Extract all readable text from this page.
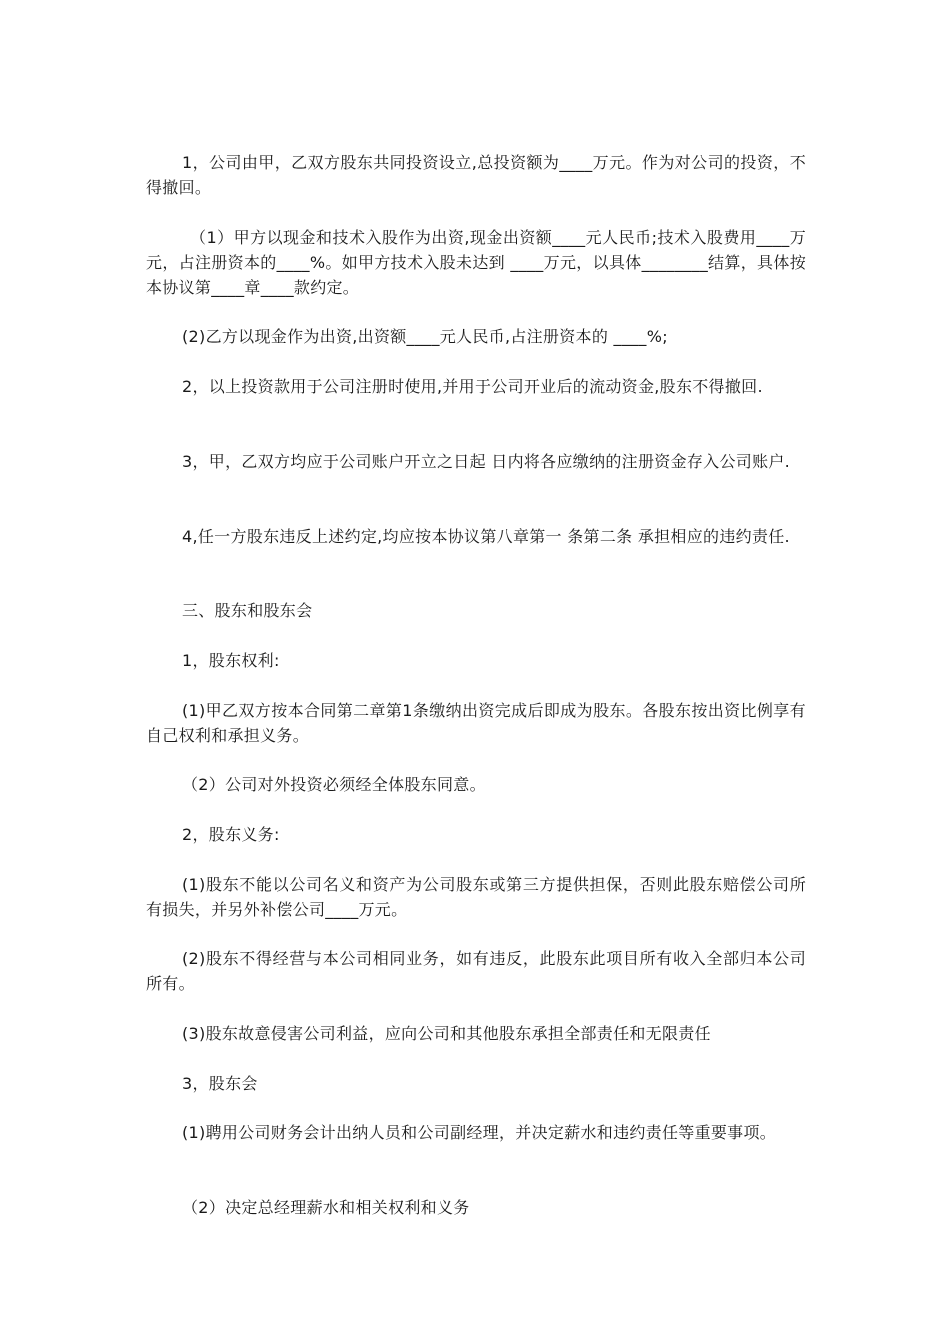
1，公司由甲，乙双方股东共同投资设立,总投资额为____万元。作为对公司的投资，不得撤回。
（1）甲方以现金和技术入股作为出资,现金出资额____元人民币;技术入股费用____万元，占注册资本的____%。如甲方技术入股未达到 ____万元，以具体________结算，具体按本协议第____章____款约定。
(2)乙方以现金作为出资,出资额____元人民币,占注册资本的 ____%;
2，以上投资款用于公司注册时使用,并用于公司开业后的流动资金,股东不得撤回.
3，甲，乙双方均应于公司账户开立之日起 日内将各应缴纳的注册资金存入公司账户.
4,任一方股东违反上述约定,均应按本协议第八章第一 条第二条 承担相应的违约责任.
三、股东和股东会
1，股东权利:
(1)甲乙双方按本合同第二章第1条缴纳出资完成后即成为股东。各股东按出资比例享有自己权利和承担义务。
（2）公司对外投资必须经全体股东同意。
2，股东义务:
(1)股东不能以公司名义和资产为公司股东或第三方提供担保，否则此股东赔偿公司所有损失，并另外补偿公司____万元。
(2)股东不得经营与本公司相同业务，如有违反，此股东此项目所有收入全部归本公司所有。
(3)股东故意侵害公司利益，应向公司和其他股东承担全部责任和无限责任
3，股东会
(1)聘用公司财务会计出纳人员和公司副经理，并决定薪水和违约责任等重要事项。
（2）决定总经理薪水和相关权利和义务
